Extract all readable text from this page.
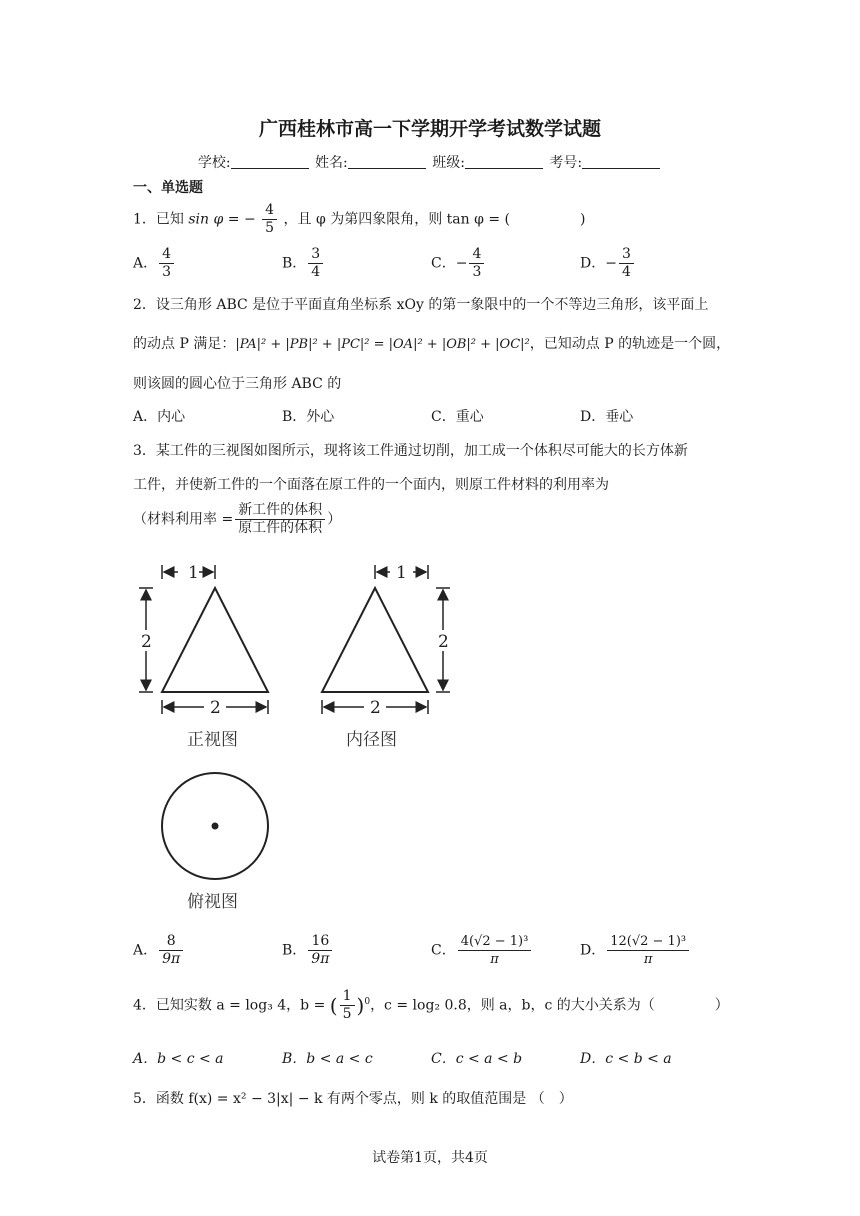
广西桂林市高一下学期开学考试数学试题
学校:	姓名:	班级:	考号:
一、单选题
1．已知 sin φ = − $\frac{4}{5}$ ，且 φ 为第四象限角，则 tan φ = (	)
A． $\frac{4}{3}$	B． $\frac{3}{4}$	C．− $\frac{4}{3}$	D．− $\frac{3}{4}$
2．设三角形 ABC 是位于平面直角坐标系 xOy 的第一象限中的一个不等边三角形，该平面上
的动点 P 满足：|PA|² + |PB|² + |PC|² = |OA|² + |OB|² + |OC|²，已知动点 P 的轨迹是一个圆，
则该圆的圆心位于三角形 ABC 的
A．内心	B．外心	C．重心	D．垂心
3．某工件的三视图如图所示，现将该工件通过切削，加工成一个体积尽可能大的长方体新
工件，并使新工件的一个面落在原工件的一个面内，则原工件材料的利用率为
（材料利用率 = $\frac{\text{新工件的体积}}{\text{原工件的体积}}$ ）
1
2
2
正视图
1
2
2
内径图
俯视图
A． $\frac{8}{9\pi}$	B． $\frac{16}{9\pi}$	C． $\frac{\text{4(√2 − 1)³}}{\pi}$	D． $\frac{\text{12(√2 − 1)³}}{\pi}$
4．已知实数 a = log₃ 4，b = ( $\frac{1}{5} )^0$，c = log₂ 0.8，则 a，b，c 的大小关系为（	）
A．b < c < a	B．b < a < c	C．c < a < b	D．c < b < a
5．函数 f(x) = x² − 3|x| − k 有两个零点，则 k 的取值范围是 （　）
试卷第1页，共4页
